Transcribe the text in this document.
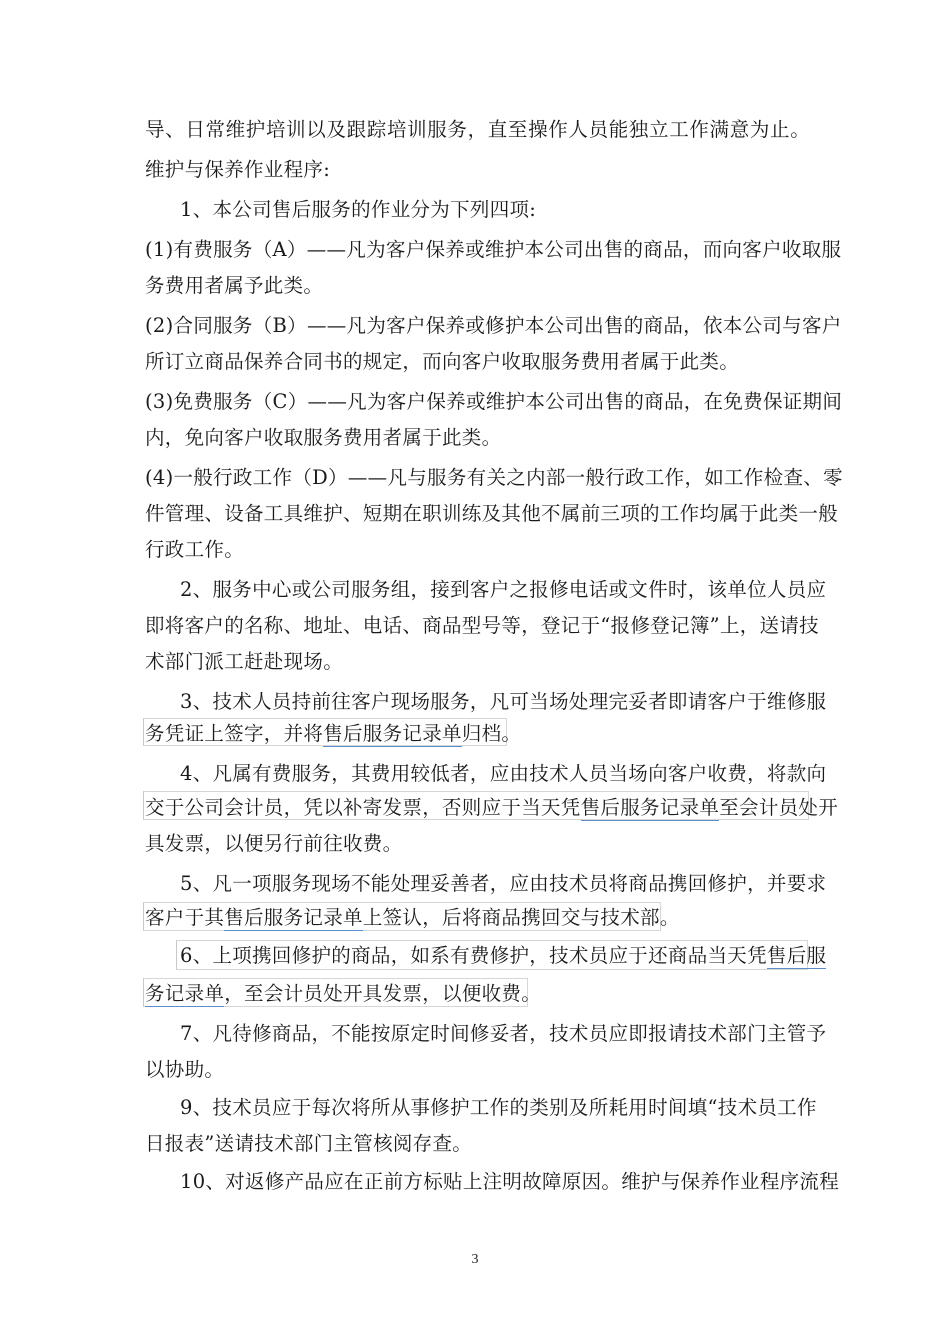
导、日常维护培训以及跟踪培训服务，直至操作人员能独立工作满意为止。
维护与保养作业程序:
1、本公司售后服务的作业分为下列四项:
(1)有费服务（A）——凡为客户保养或维护本公司出售的商品，而向客户收取服
务费用者属予此类。
(2)合同服务（B）——凡为客户保养或修护本公司出售的商品，依本公司与客户
所订立商品保养合同书的规定，而向客户收取服务费用者属于此类。
(3)免费服务（C）——凡为客户保养或维护本公司出售的商品，在免费保证期间
内，免向客户收取服务费用者属于此类。
(4)一般行政工作（D）——凡与服务有关之内部一般行政工作，如工作检查、零
件管理、设备工具维护、短期在职训练及其他不属前三项的工作均属于此类一般
行政工作。
2、服务中心或公司服务组，接到客户之报修电话或文件时，该单位人员应
即将客户的名称、地址、电话、商品型号等，登记于“报修登记簿”上，送请技
术部门派工赶赴现场。
3、技术人员持前往客户现场服务，凡可当场处理完妥者即请客户于维修服
务凭证上签字，并将售后服务记录单归档。
4、凡属有费服务，其费用较低者，应由技术人员当场向客户收费，将款向
交于公司会计员，凭以补寄发票，否则应于当天凭售后服务记录单至会计员处开
具发票，以便另行前往收费。
5、凡一项服务现场不能处理妥善者，应由技术员将商品携回修护，并要求
客户于其售后服务记录单上签认，后将商品携回交与技术部。
6、上项携回修护的商品，如系有费修护，技术员应于还商品当天凭售后服
务记录单，至会计员处开具发票，以便收费。
7、凡待修商品，不能按原定时间修妥者，技术员应即报请技术部门主管予
以协助。
9、技术员应于每次将所从事修护工作的类别及所耗用时间填“技术员工作
日报表”送请技术部门主管核阅存查。
10、对返修产品应在正前方标贴上注明故障原因。维护与保养作业程序流程
3
